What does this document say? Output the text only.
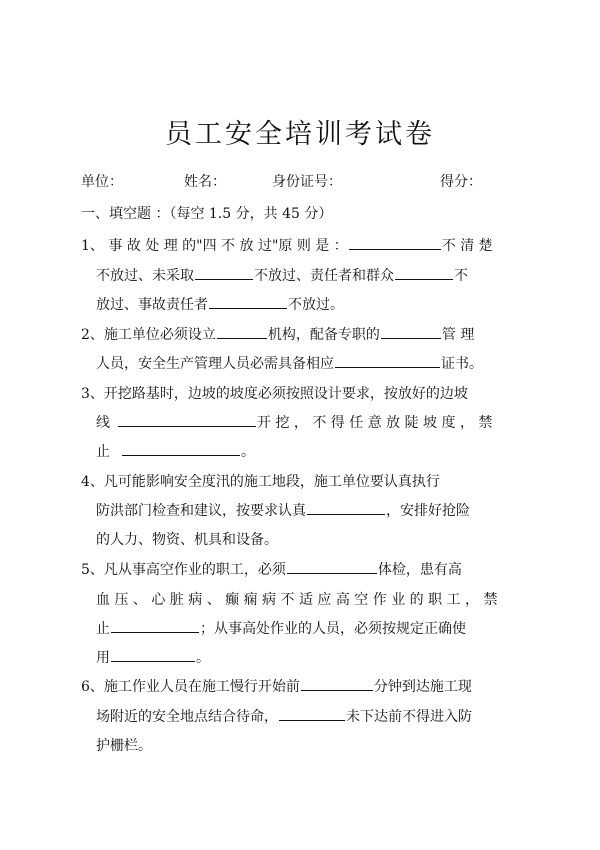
员工安全培训考试卷
单位：	姓名：	身份证号：	得分：
一、填空题 ：（每空 1.5 分，共 45 分）
1、 事 故 处 理 的"四 不 放 过"原 则 是 ：	不 清 楚
不放过、未采取	不放过、责任者和群众	不
放过、事故责任者	不放过。
2、施工单位必须设立	机构，配备专职的	管 理
人员，安全生产管理人员必需具备相应	证书。
3、开挖路基时，边坡的坡度必须按照设计要求，按放好的边坡
线	开 挖 ， 不 得 任 意 放 陡 坡 度 ， 禁
止	。
4、凡可能影响安全度汛的施工地段，施工单位要认真执行
防洪部门检查和建议，按要求认真	，安排好抢险
的人力、物资、机具和设备。
5、凡从事高空作业的职工，必须	体检，患有高
血 压 、 心 脏 病 、 癫 痫 病 不 适 应 高 空 作 业 的 职 工 ， 禁
止	；从事高处作业的人员，必须按规定正确使
用	。
6、施工作业人员在施工慢行开始前	分钟到达施工现
场附近的安全地点结合待命，	未下达前不得进入防
护栅栏。
